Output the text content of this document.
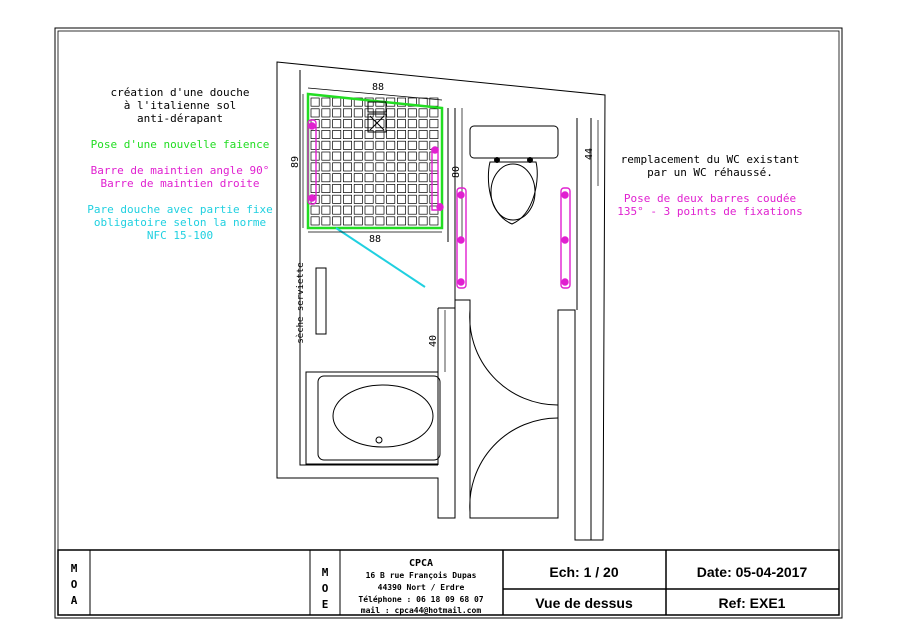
88
88
89
80
44
40
sèche serviette
création d'une douche
à l'italienne sol
anti-dérapant
Pose d'une nouvelle faience
Barre de maintien angle 90°
Barre de maintien droite
Pare douche avec partie fixe
obligatoire selon la norme
NFC 15-100
remplacement du WC existant
par un WC réhaussé.
Pose de deux barres coudée
135° - 3 points de fixations
M
O
A
M
O
E
CPCA
16 B rue François Dupas
44390 Nort / Erdre
Téléphone : 06 18 09 68 07
mail : cpca44@hotmail.com
Ech: 1 / 20
Vue de dessus
Date: 05-04-2017
Ref: EXE1
